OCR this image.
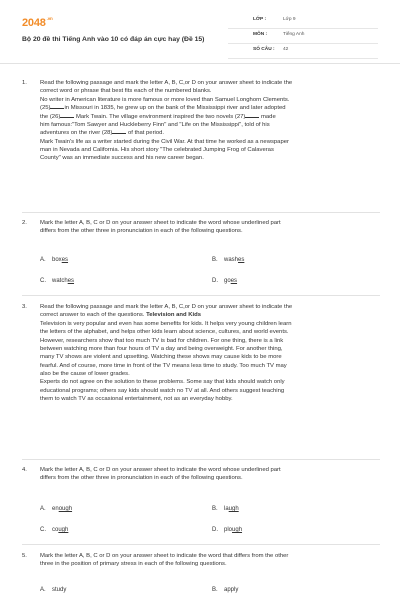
$2048^{.vn}$
Bộ 20 đề thi Tiếng Anh vào 10 có đáp án cực hay (Đề 15)
LỚP :	Lớp 9
MÔN :	Tiếng Anh
SỐ CÂU : 42
1. Read the following passage and mark the letter A, B, C,or D on your answer sheet to indicate the

correct word or phrase that best fits each of the numbered blanks.

No writer in American literature is more famous or more loved than Samuel Longhorn Clements.

(25) in Missouri in 1835, he grew up on the bank of the Mississippi river and later adopted

the (26)	Mark Twain. The village environment inspired the two novels (27)	made

him famous:"Tom Sawyer and Huckleberry Finn" and "Life on the Mississippi", told of his

adventures on the river (28)	of that period.

Mark Twain's life as a writer started during the Civil War. At that time he worked as a newspaper

man in Nevada and California. His short story "The celebrated Jumping Frog of Calaveras

County" was an immediate success and his new career began.

2. Mark the letter A, B, C or D on your answer sheet to indicate the word whose underlined part

differs from the other three in pronunciation in each of the following questions.

A. boxes	B. washes
C. watches	D. goes
3. Read the following passage and mark the letter A, B, C,or D on your answer sheet to indicate the

correct answer to each of the questions. Television and Kids

Television is very popular and even has some benefits for kids. It helps very young children learn

the letters of the alphabet, and helps other kids learn about science, cultures, and world events.

However, researchers show that too much TV is bad for children. For one thing, there is a link

between watching more than four hours of TV a day and being overweight. For another thing,

many TV shows are violent and upsetting. Watching these shows may cause kids to be more

fearful. And of course, more time in front of the TV means less time to study. Too much TV may

also be the cause of lower grades.

Experts do not agree on the solution to these problems. Some say that kids should watch only

educational programs; others say kids should watch no TV at all. And others suggest teaching

them to watch TV as occasional entertainment, not as an everyday hobby.

4. Mark the letter A, B, C or D on your answer sheet to indicate the word whose underlined part

differs from the other three in pronunciation in each of the following questions.

A. enough	B. laugh
C. cough	D. plough
5. Mark the letter A, B, C or D on your answer sheet to indicate the word that differs from the other

three in the position of primary stress in each of the following questions.

A. study	B. apply
